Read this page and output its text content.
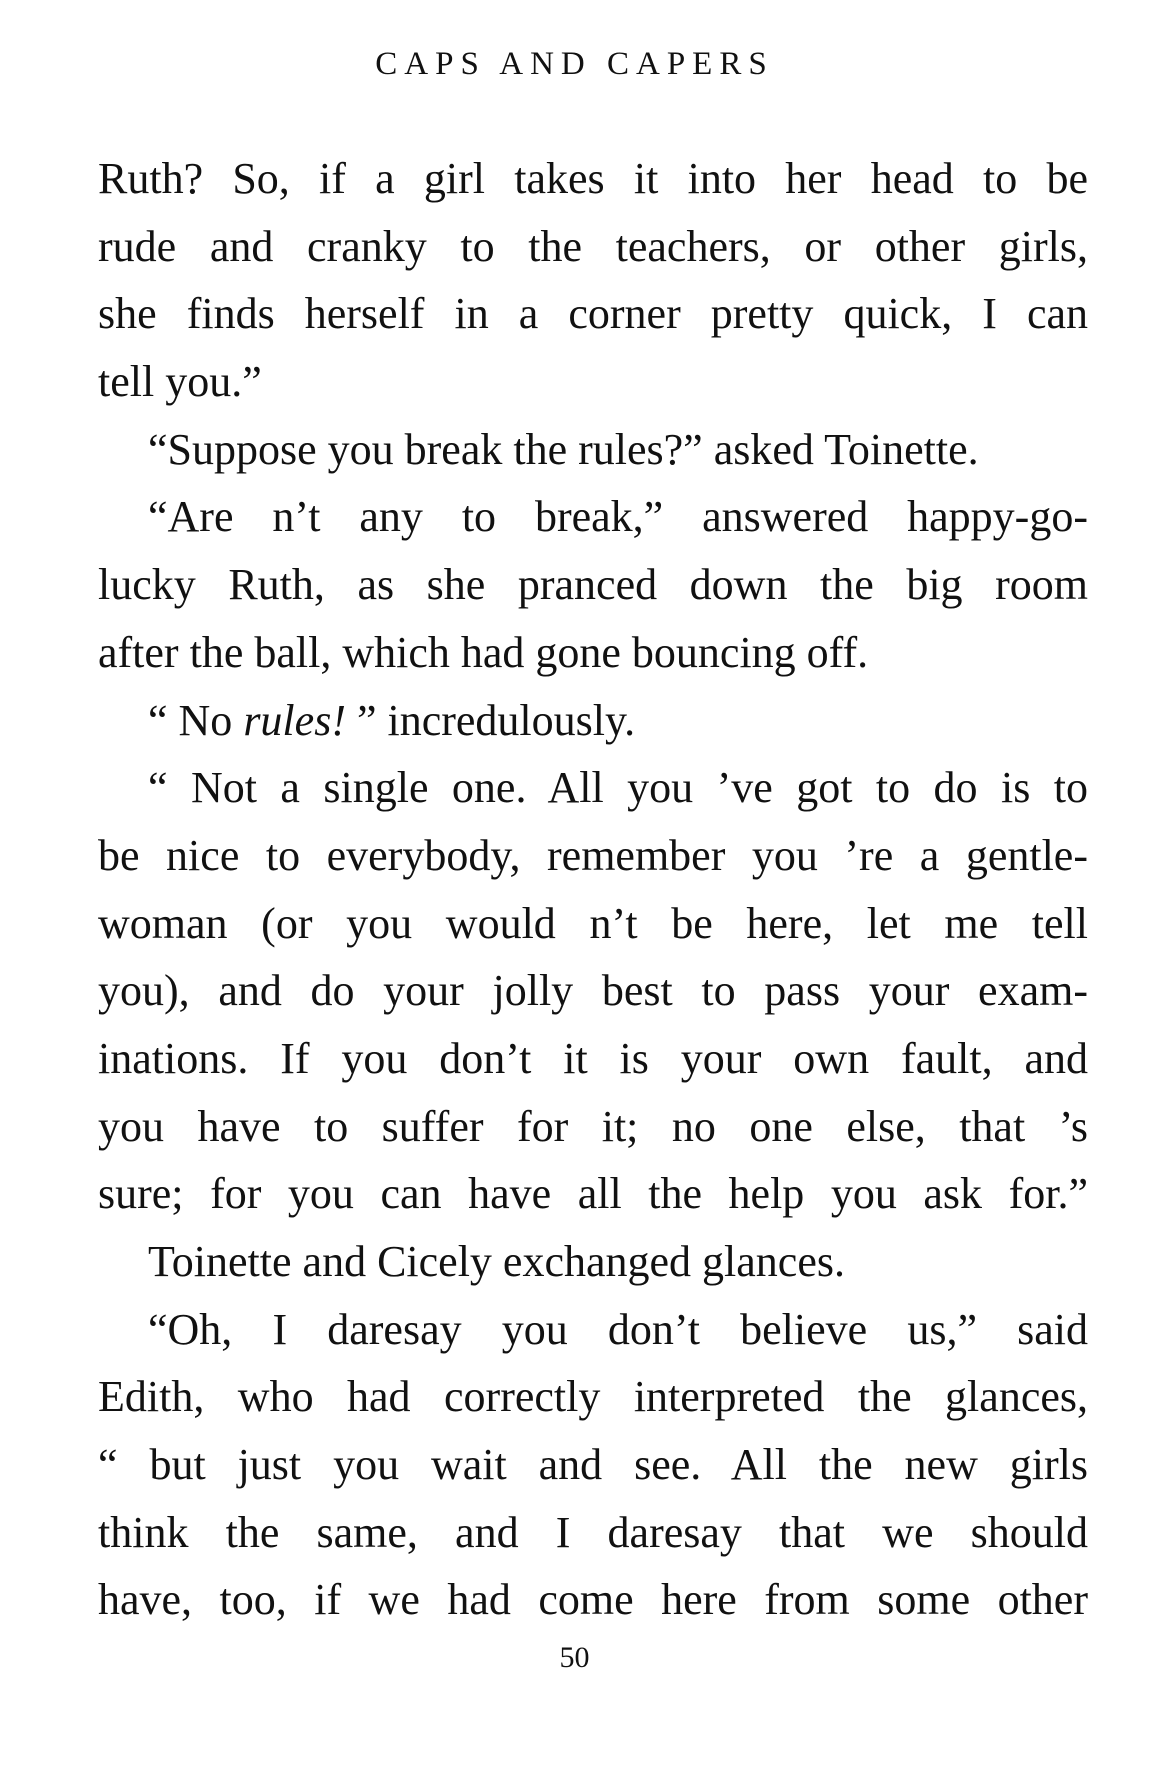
CAPS AND CAPERS
Ruth? So, if a girl takes it into her head to be
rude and cranky to the teachers, or other girls,
she finds herself in a corner pretty quick, I can
tell you.”
“Suppose you break the rules?” asked Toinette.
“Are n’t any to break,” answered happy-go-
lucky Ruth, as she pranced down the big room
after the ball, which had gone bouncing off.
“ No rules! ” incredulously.
“ Not a single one. All you ’ve got to do is to
be nice to everybody, remember you ’re a gentle-
woman (or you would n’t be here, let me tell
you), and do your jolly best to pass your exam-
inations. If you don’t it is your own fault, and
you have to suffer for it; no one else, that ’s
sure; for you can have all the help you ask for.”
Toinette and Cicely exchanged glances.
“Oh, I daresay you don’t believe us,” said
Edith, who had correctly interpreted the glances,
“ but just you wait and see. All the new girls
think the same, and I daresay that we should
have, too, if we had come here from some other
50
